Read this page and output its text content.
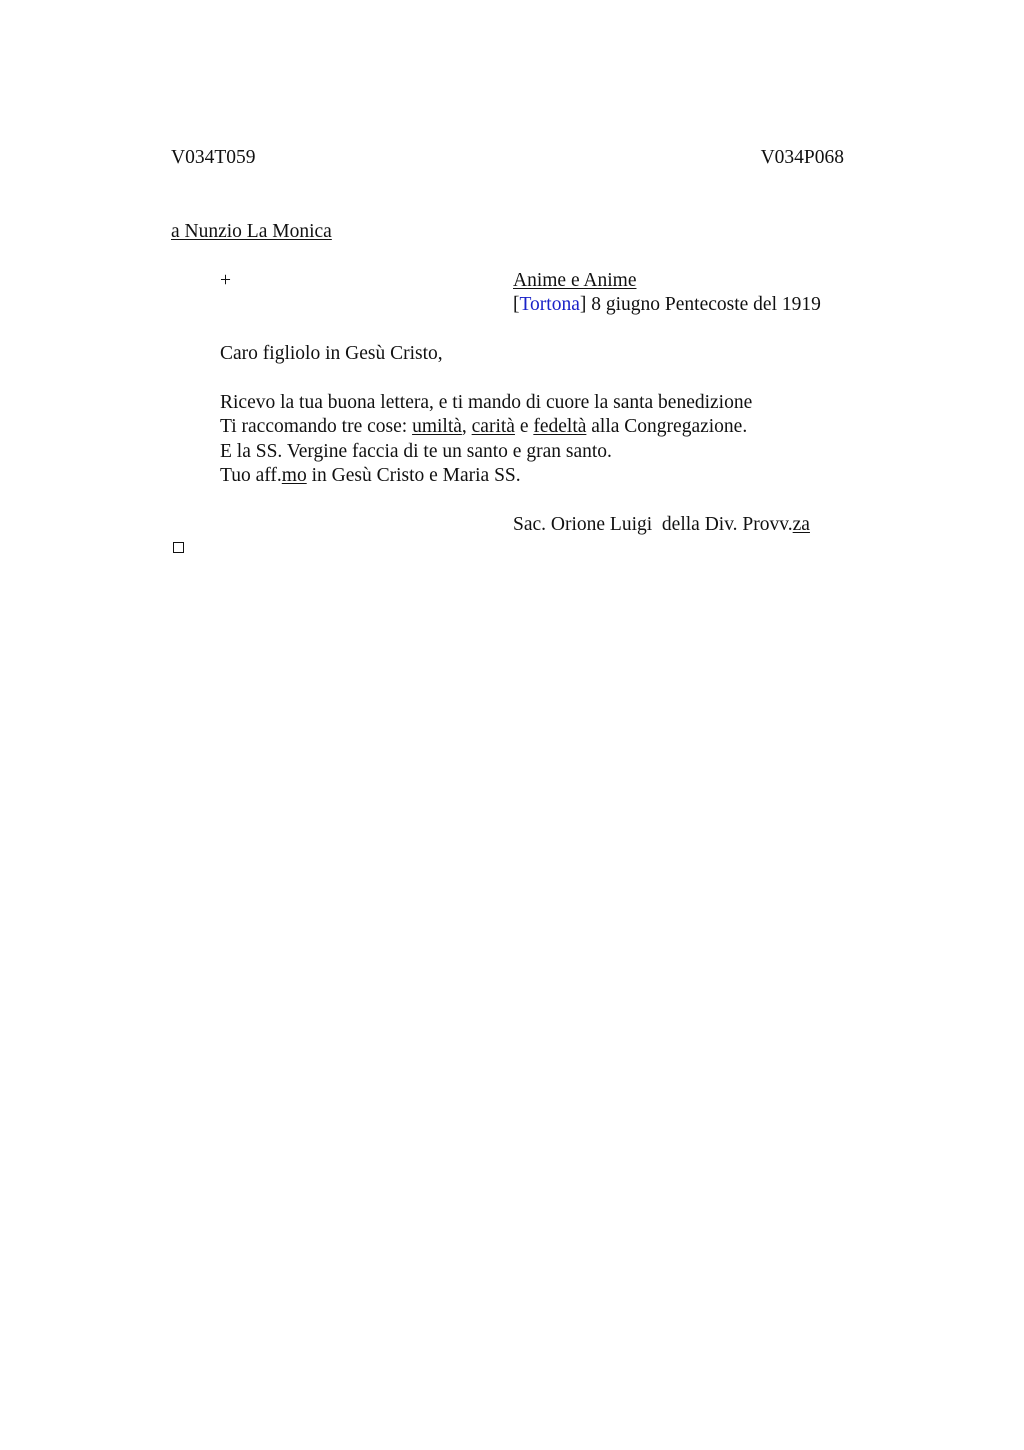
V034T059	V034P068
a Nunzio La Monica
+	Anime e Anime
[Tortona] 8 giugno Pentecoste del 1919
Caro figliolo in Gesù Cristo,
Ricevo la tua buona lettera, e ti mando di cuore la santa benedizione
Ti raccomando tre cose: umiltà, carità e fedeltà alla Congregazione.
E la SS. Vergine faccia di te un santo e gran santo.
Tuo aff.mo in Gesù Cristo e Maria SS.
Sac. Orione Luigi  della Div. Provv.za
